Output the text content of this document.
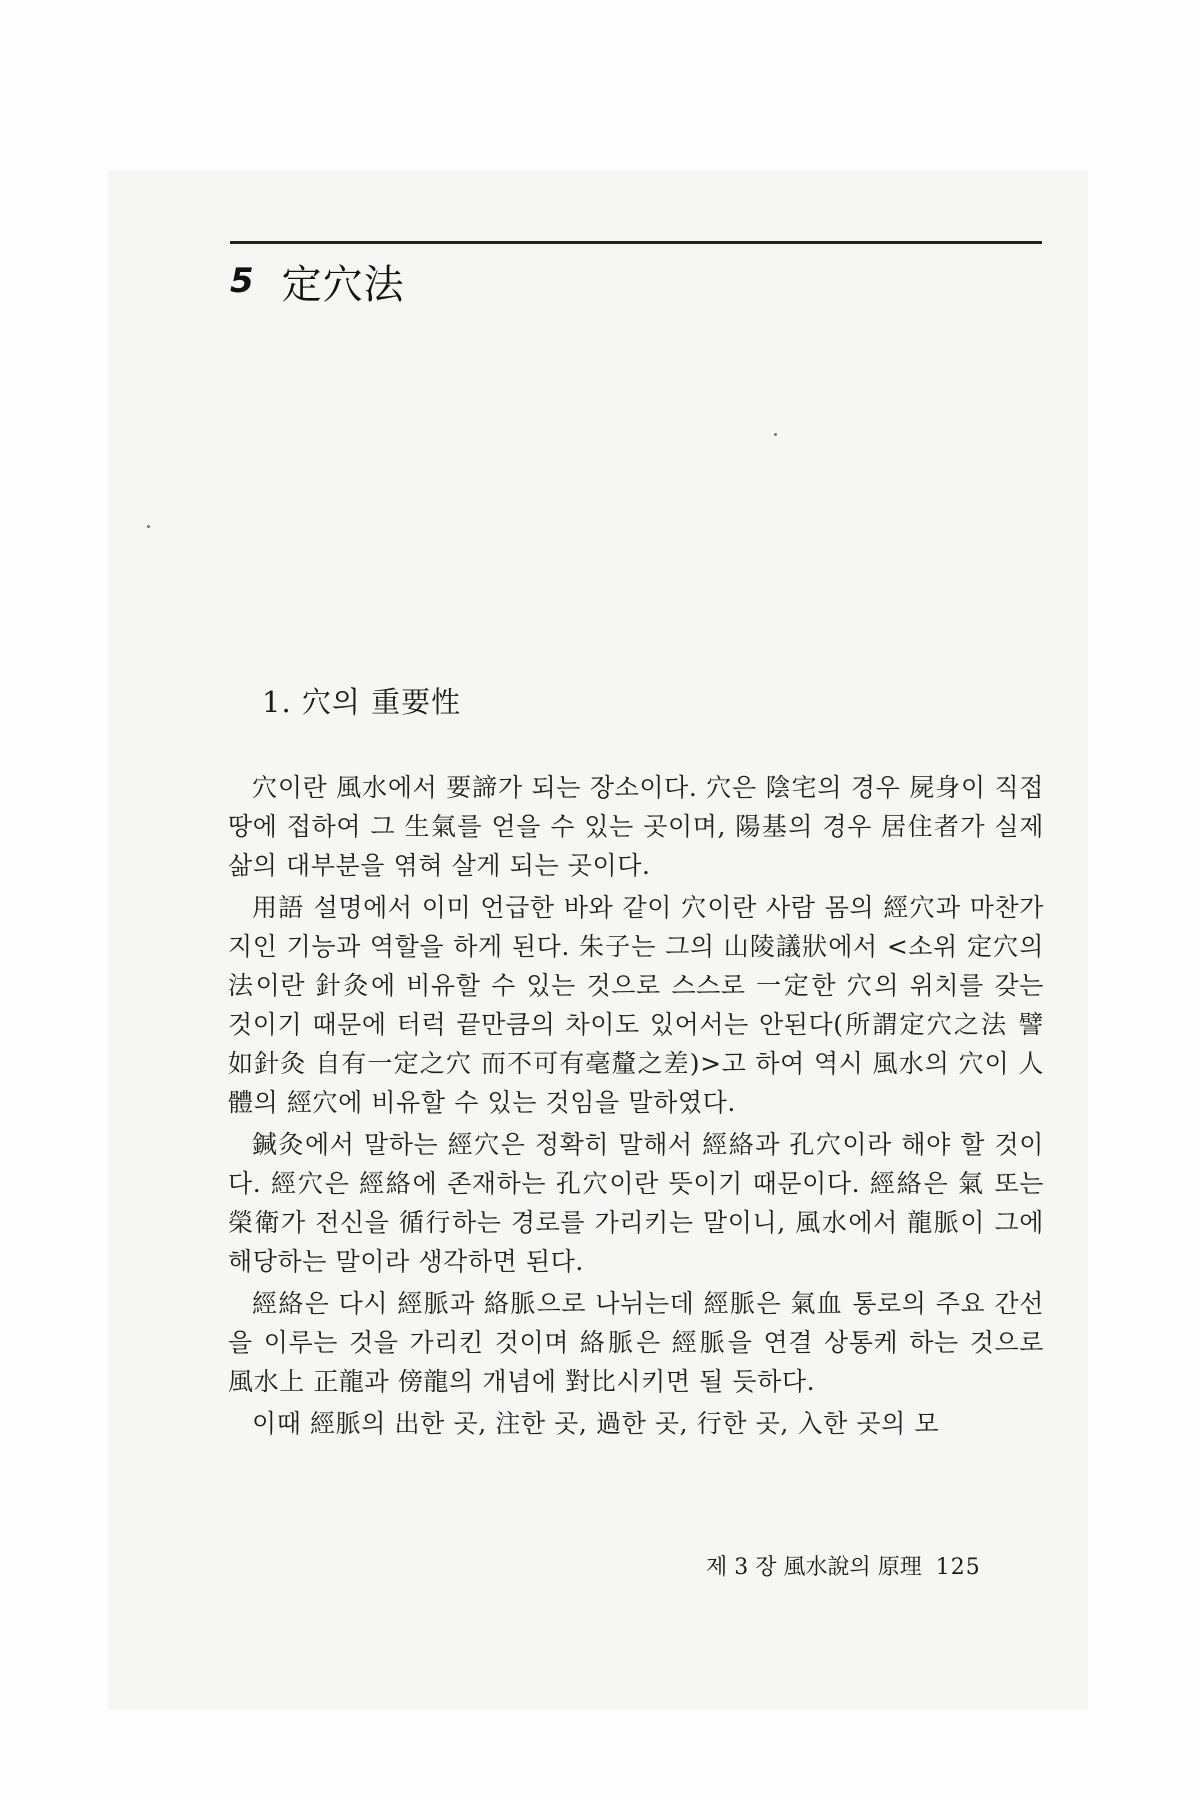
5 定穴法
1. 穴의 重要性

穴이란 風水에서 要諦가 되는 장소이다. 穴은 陰宅의 경우 屍身이 직접 땅에 접하여 그 生氣를 얻을 수 있는 곳이며, 陽基의 경우 居住者가 실제 삶의 대부분을 엮혀 살게 되는 곳이다.

用語 설명에서 이미 언급한 바와 같이 穴이란 사람 몸의 經穴과 마찬가지인 기능과 역할을 하게 된다. 朱子는 그의 山陵議狀에서 <소위 定穴의 法이란 針灸에 비유할 수 있는 것으로 스스로 一定한 穴의 위치를 갖는 것이기 때문에 터럭 끝만큼의 차이도 있어서는 안된다(所謂定穴之法 譬如針灸 自有一定之穴 而不可有毫釐之差)>고 하여 역시 風水의 穴이 人體의 經穴에 비유할 수 있는 것임을 말하였다.

鍼灸에서 말하는 經穴은 정확히 말해서 經絡과 孔穴이라 해야 할 것이다. 經穴은 經絡에 존재하는 孔穴이란 뜻이기 때문이다. 經絡은 氣 또는 榮衛가 전신을 循行하는 경로를 가리키는 말이니, 風水에서 龍脈이 그에 해당하는 말이라 생각하면 된다.

經絡은 다시 經脈과 絡脈으로 나뉘는데 經脈은 氣血 통로의 주요 간선을 이루는 것을 가리킨 것이며 絡脈은 經脈을 연결 상통케 하는 것으로 風水上 正龍과 傍龍의 개념에 對比시키면 될 듯하다.

이때 經脈의 出한 곳, 注한 곳, 過한 곳, 行한 곳, 入한 곳의 모

제 3 장 風水說의 原理 125
